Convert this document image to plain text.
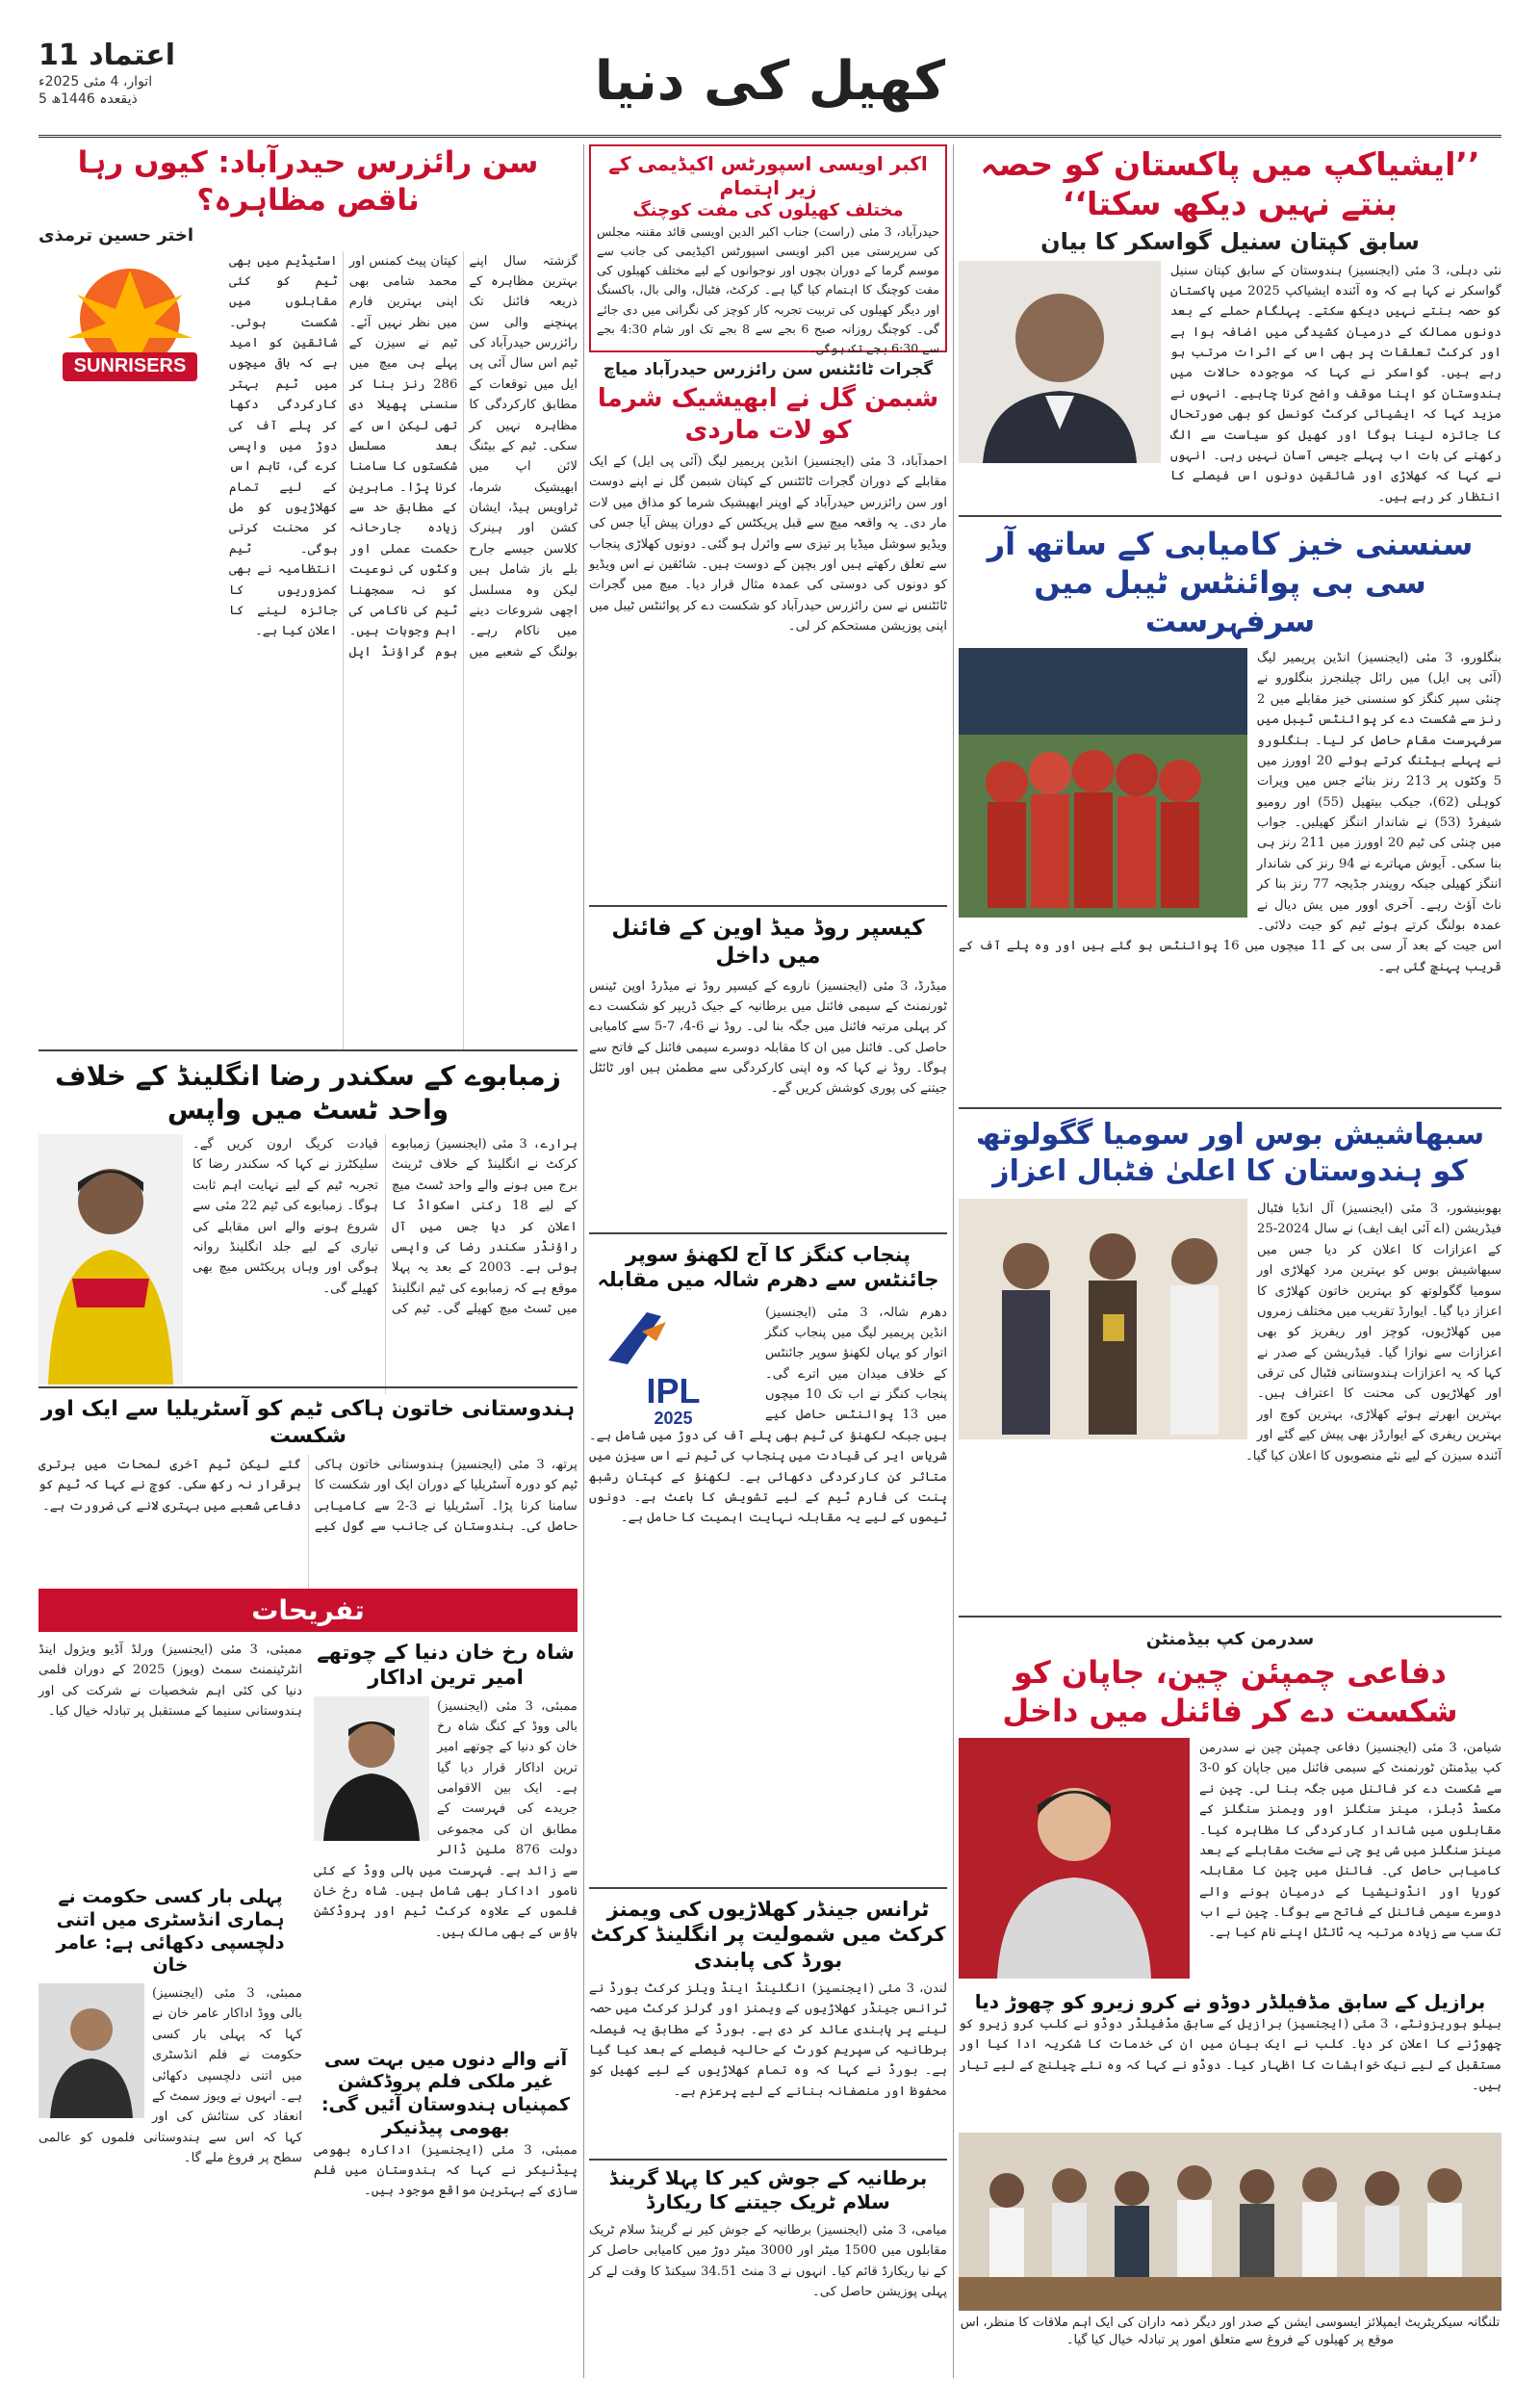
اعتماد 11
اتوار، 4 مئی 2025ء
5 ذیقعدہ 1446ھ	کھیل کی دنیا
’’ایشیاکپ میں پاکستان کو حصہ بنتے نہیں دیکھ سکتا‘‘
سابق کپتان سنیل گواسکر کا بیان
نئی دہلی، 3 مئی (ایجنسیز) ہندوستان کے سابق کپتان سنیل گواسکر نے کہا ہے کہ وہ آئندہ ایشیاکپ 2025 میں پاکستان کو حصہ بنتے نہیں دیکھ سکتے۔ پہلگام حملے کے بعد دونوں ممالک کے درمیان کشیدگی میں اضافہ ہوا ہے اور کرکٹ تعلقات پر بھی اس کے اثرات مرتب ہو رہے ہیں۔ گواسکر نے کہا کہ موجودہ حالات میں ہندوستان کو اپنا موقف واضح کرنا چاہیے۔ انہوں نے مزید کہا کہ ایشیائی کرکٹ کونسل کو بھی صورتحال کا جائزہ لینا ہوگا اور کھیل کو سیاست سے الگ رکھنے کی بات اب پہلے جیسی آسان نہیں رہی۔ انہوں نے کہا کہ کھلاڑی اور شائقین دونوں اس فیصلے کا انتظار کر رہے ہیں۔
سنسنی خیز کامیابی کے ساتھ آر سی بی پوائنٹس ٹیبل میں سرفہرست
بنگلورو، 3 مئی (ایجنسیز) انڈین پریمیر لیگ (آئی پی ایل) میں رائل چیلنجرز بنگلورو نے چنئی سپر کنگز کو سنسنی خیز مقابلے میں 2 رنز سے شکست دے کر پوائنٹس ٹیبل میں سرفہرست مقام حاصل کر لیا۔ بنگلورو نے پہلے بیٹنگ کرتے ہوئے 20 اوورز میں 5 وکٹوں پر 213 رنز بنائے جس میں ویرات کوہلی (62)، جیکب بیتھیل (55) اور رومیو شیفرڈ (53) نے شاندار اننگز کھیلیں۔ جواب میں چنئی کی ٹیم 20 اوورز میں 211 رنز ہی بنا سکی۔ آیوش مہاترے نے 94 رنز کی شاندار اننگز کھیلی جبکہ رویندر جڈیجہ 77 رنز بنا کر ناٹ آؤٹ رہے۔ آخری اوور میں یش دیال نے عمدہ بولنگ کرتے ہوئے ٹیم کو جیت دلائی۔ اس جیت کے بعد آر سی بی کے 11 میچوں میں 16 پوائنٹس ہو گئے ہیں اور وہ پلے آف کے قریب پہنچ گئی ہے۔
سبھاشیش بوس اور سومیا گگولوتھ کو ہندوستان کا اعلیٰ فٹبال اعزاز
بھوبنیشور، 3 مئی (ایجنسیز) آل انڈیا فٹبال فیڈریشن (اے آئی ایف ایف) نے سال 2024-25 کے اعزازات کا اعلان کر دیا جس میں سبھاشیش بوس کو بہترین مرد کھلاڑی اور سومیا گگولوتھ کو بہترین خاتون کھلاڑی کا اعزاز دیا گیا۔ ایوارڈ تقریب میں مختلف زمروں میں کھلاڑیوں، کوچز اور ریفریز کو بھی اعزازات سے نوازا گیا۔ فیڈریشن کے صدر نے کہا کہ یہ اعزازات ہندوستانی فٹبال کی ترقی اور کھلاڑیوں کی محنت کا اعتراف ہیں۔ بہترین ابھرتے ہوئے کھلاڑی، بہترین کوچ اور بہترین ریفری کے ایوارڈز بھی پیش کیے گئے اور آئندہ سیزن کے لیے نئے منصوبوں کا اعلان کیا گیا۔
سدرمن کپ بیڈمنٹن
دفاعی چمپئن چین، جاپان کو شکست دے کر فائنل میں داخل
شیامن، 3 مئی (ایجنسیز) دفاعی چمپئن چین نے سدرمن کپ بیڈمنٹن ٹورنمنٹ کے سیمی فائنل میں جاپان کو 0-3 سے شکست دے کر فائنل میں جگہ بنا لی۔ چین نے مکسڈ ڈبلز، مینز سنگلز اور ویمنز سنگلز کے مقابلوں میں شاندار کارکردگی کا مظاہرہ کیا۔ مینز سنگلز میں شی یو چی نے سخت مقابلے کے بعد کامیابی حاصل کی۔ فائنل میں چین کا مقابلہ کوریا اور انڈونیشیا کے درمیان ہونے والے دوسرے سیمی فائنل کے فاتح سے ہوگا۔ چین نے اب تک سب سے زیادہ مرتبہ یہ ٹائٹل اپنے نام کیا ہے۔
برازیل کے سابق مڈفیلڈر دوڈو نے کرو زیرو کو چھوڑ دیا
بیلو ہوریزونٹے، 3 مئی (ایجنسیز) برازیل کے سابق مڈفیلڈر دوڈو نے کلب کرو زیرو کو چھوڑنے کا اعلان کر دیا۔ کلب نے ایک بیان میں ان کی خدمات کا شکریہ ادا کیا اور مستقبل کے لیے نیک خواہشات کا اظہار کیا۔ دوڈو نے کہا کہ وہ نئے چیلنج کے لیے تیار ہیں۔
تلنگانہ سیکریٹریٹ ایمپلائز ایسوسی ایشن کے صدر اور دیگر ذمہ داران کی ایک اہم ملاقات کا منظر، اس موقع پر کھیلوں کے فروغ سے متعلق امور پر تبادلہ خیال کیا گیا۔
اکبر اویسی اسپورٹس اکیڈیمی کے زیر اہتمام
مختلف کھیلوں کی مفت کوچنگ
حیدرآباد، 3 مئی (راست) جناب اکبر الدین اویسی قائد مقننہ مجلس کی سرپرستی میں اکبر اویسی اسپورٹس اکیڈیمی کی جانب سے موسم گرما کے دوران بچوں اور نوجوانوں کے لیے مختلف کھیلوں کی مفت کوچنگ کا اہتمام کیا گیا ہے۔ کرکٹ، فٹبال، والی بال، باکسنگ اور دیگر کھیلوں کی تربیت تجربہ کار کوچز کی نگرانی میں دی جائے گی۔ کوچنگ روزانہ صبح 6 بجے سے 8 بجے تک اور شام 4:30 بجے سے 6:30 بجے تک ہوگی۔
گجرات ٹائٹنس سن رائزرس حیدرآباد میاچ
شبمن گل نے ابھیشیک شرما کو لات ماردی
احمدآباد، 3 مئی (ایجنسیز) انڈین پریمیر لیگ (آئی پی ایل) کے ایک مقابلے کے دوران گجرات ٹائٹنس کے کپتان شبمن گل نے اپنے دوست اور سن رائزرس حیدرآباد کے اوپنر ابھیشیک شرما کو مذاق میں لات مار دی۔ یہ واقعہ میچ سے قبل پریکٹس کے دوران پیش آیا جس کی ویڈیو سوشل میڈیا پر تیزی سے وائرل ہو گئی۔ دونوں کھلاڑی پنجاب سے تعلق رکھتے ہیں اور بچپن کے دوست ہیں۔ شائقین نے اس ویڈیو کو دونوں کی دوستی کی عمدہ مثال قرار دیا۔ میچ میں گجرات ٹائٹنس نے سن رائزرس حیدرآباد کو شکست دے کر پوائنٹس ٹیبل میں اپنی پوزیشن مستحکم کر لی۔
کیسپر روڈ میڈ اوین کے فائنل میں داخل
میڈرڈ، 3 مئی (ایجنسیز) ناروے کے کیسپر روڈ نے میڈرڈ اوپن ٹینس ٹورنمنٹ کے سیمی فائنل میں برطانیہ کے جیک ڈریپر کو شکست دے کر پہلی مرتبہ فائنل میں جگہ بنا لی۔ روڈ نے 6-4، 7-5 سے کامیابی حاصل کی۔ فائنل میں ان کا مقابلہ دوسرے سیمی فائنل کے فاتح سے ہوگا۔ روڈ نے کہا کہ وہ اپنی کارکردگی سے مطمئن ہیں اور ٹائٹل جیتنے کی پوری کوشش کریں گے۔
پنجاب کنگز کا آج لکھنؤ سوپر جائنٹس سے دھرم شالہ میں مقابلہ
IPL
2025
دھرم شالہ، 3 مئی (ایجنسیز) انڈین پریمیر لیگ میں پنجاب کنگز اتوار کو یہاں لکھنؤ سوپر جائنٹس کے خلاف میدان میں اترے گی۔ پنجاب کنگز نے اب تک 10 میچوں میں 13 پوائنٹس حاصل کیے ہیں جبکہ لکھنؤ کی ٹیم بھی پلے آف کی دوڑ میں شامل ہے۔ شریاس ایر کی قیادت میں پنجاب کی ٹیم نے اس سیزن میں متاثر کن کارکردگی دکھائی ہے۔ لکھنؤ کے کپتان رشبھ پنت کی فارم ٹیم کے لیے تشویش کا باعث ہے۔ دونوں ٹیموں کے لیے یہ مقابلہ نہایت اہمیت کا حامل ہے۔
ٹرانس جینڈر کھلاڑیوں کی ویمنز کرکٹ میں شمولیت پر انگلینڈ کرکٹ بورڈ کی پابندی
لندن، 3 مئی (ایجنسیز) انگلینڈ اینڈ ویلز کرکٹ بورڈ نے ٹرانس جینڈر کھلاڑیوں کے ویمنز اور گرلز کرکٹ میں حصہ لینے پر پابندی عائد کر دی ہے۔ بورڈ کے مطابق یہ فیصلہ برطانیہ کی سپریم کورٹ کے حالیہ فیصلے کے بعد کیا گیا ہے۔ بورڈ نے کہا کہ وہ تمام کھلاڑیوں کے لیے کھیل کو محفوظ اور منصفانہ بنانے کے لیے پرعزم ہے۔
برطانیہ کے جوش کیر کا پہلا گرینڈ سلام ٹریک جیتنے کا ریکارڈ
میامی، 3 مئی (ایجنسیز) برطانیہ کے جوش کیر نے گرینڈ سلام ٹریک مقابلوں میں 1500 میٹر اور 3000 میٹر دوڑ میں کامیابی حاصل کر کے نیا ریکارڈ قائم کیا۔ انہوں نے 3 منٹ 34.51 سیکنڈ کا وقت لے کر پہلی پوزیشن حاصل کی۔
سن رائزرس حیدرآباد: کیوں رہا ناقص مظاہرہ؟
اختر حسین ترمذی
SUNRISERS
گزشتہ سال اپنے بہترین مظاہرہ کے ذریعہ فائنل تک پہنچنے والی سن رائزرس حیدرآباد کی ٹیم اس سال آئی پی ایل میں توقعات کے مطابق کارکردگی کا مظاہرہ نہیں کر سکی۔ ٹیم کے بیٹنگ لائن اپ میں ابھیشیک شرما، ٹراویس ہیڈ، ایشان کشن اور ہینرک کلاسن جیسے جارح بلے باز شامل ہیں لیکن وہ مسلسل اچھی شروعات دینے میں ناکام رہے۔ بولنگ کے شعبے میں کپتان پیٹ کمنس اور محمد شامی بھی اپنی بہترین فارم میں نظر نہیں آئے۔ ٹیم نے سیزن کے پہلے ہی میچ میں 286 رنز بنا کر سنسنی پھیلا دی تھی لیکن اس کے بعد مسلسل شکستوں کا سامنا کرنا پڑا۔ ماہرین کے مطابق حد سے زیادہ جارحانہ حکمت عملی اور وکٹوں کی نوعیت کو نہ سمجھنا ٹیم کی ناکامی کی اہم وجوہات ہیں۔ ہوم گراؤنڈ اپل اسٹیڈیم میں بھی ٹیم کو کئی مقابلوں میں شکست ہوئی۔ شائقین کو امید ہے کہ باقی میچوں میں ٹیم بہتر کارکردگی دکھا کر پلے آف کی دوڑ میں واپسی کرے گی، تاہم اس کے لیے تمام کھلاڑیوں کو مل کر محنت کرنی ہوگی۔ ٹیم انتظامیہ نے بھی کمزوریوں کا جائزہ لینے کا اعلان کیا ہے۔
زمبابوے کے سکندر رضا انگلینڈ کے خلاف واحد ٹسٹ میں واپس
ہرارے، 3 مئی (ایجنسیز) زمبابوے کرکٹ نے انگلینڈ کے خلاف ٹرینٹ برج میں ہونے والے واحد ٹسٹ میچ کے لیے 18 رکنی اسکواڈ کا اعلان کر دیا جس میں آل راؤنڈر سکندر رضا کی واپسی ہوئی ہے۔ 2003 کے بعد یہ پہلا موقع ہے کہ زمبابوے کی ٹیم انگلینڈ میں ٹسٹ میچ کھیلے گی۔ ٹیم کی قیادت کریگ ارون کریں گے۔ سلیکٹرز نے کہا کہ سکندر رضا کا تجربہ ٹیم کے لیے نہایت اہم ثابت ہوگا۔ زمبابوے کی ٹیم 22 مئی سے شروع ہونے والے اس مقابلے کی تیاری کے لیے جلد انگلینڈ روانہ ہوگی اور وہاں پریکٹس میچ بھی کھیلے گی۔
ہندوستانی خاتون ہاکی ٹیم کو آسٹریلیا سے ایک اور شکست
پرتھ، 3 مئی (ایجنسیز) ہندوستانی خاتون ہاکی ٹیم کو دورہ آسٹریلیا کے دوران ایک اور شکست کا سامنا کرنا پڑا۔ آسٹریلیا نے 3-2 سے کامیابی حاصل کی۔ ہندوستان کی جانب سے گول کیے گئے لیکن ٹیم آخری لمحات میں برتری برقرار نہ رکھ سکی۔ کوچ نے کہا کہ ٹیم کو دفاعی شعبے میں بہتری لانے کی ضرورت ہے۔
تفریحات
شاہ رخ خان دنیا کے چوتھے امیر ترین اداکار
ممبئی، 3 مئی (ایجنسیز) بالی ووڈ کے کنگ شاہ رخ خان کو دنیا کے چوتھے امیر ترین اداکار قرار دیا گیا ہے۔ ایک بین الاقوامی جریدے کی فہرست کے مطابق ان کی مجموعی دولت 876 ملین ڈالر سے زائد ہے۔ فہرست میں ہالی ووڈ کے کئی نامور اداکار بھی شامل ہیں۔ شاہ رخ خان فلموں کے علاوہ کرکٹ ٹیم اور پروڈکشن ہاؤس کے بھی مالک ہیں۔
آنے والے دنوں میں بہت سی غیر ملکی فلم پروڈکشن کمپنیاں ہندوستان آئیں گی: بھومی پیڈنیکر
ممبئی، 3 مئی (ایجنسیز) اداکارہ بھومی پیڈنیکر نے کہا کہ ہندوستان میں فلم سازی کے بہترین مواقع موجود ہیں۔
ممبئی، 3 مئی (ایجنسیز) ورلڈ آڈیو ویژول اینڈ انٹرٹینمنٹ سمٹ (ویوز) 2025 کے دوران فلمی دنیا کی کئی اہم شخصیات نے شرکت کی اور ہندوستانی سنیما کے مستقبل پر تبادلہ خیال کیا۔
پہلی بار کسی حکومت نے ہماری انڈسٹری میں اتنی دلچسپی دکھائی ہے: عامر خان
ممبئی، 3 مئی (ایجنسیز) بالی ووڈ اداکار عامر خان نے کہا کہ پہلی بار کسی حکومت نے فلم انڈسٹری میں اتنی دلچسپی دکھائی ہے۔ انہوں نے ویوز سمٹ کے انعقاد کی ستائش کی اور کہا کہ اس سے ہندوستانی فلموں کو عالمی سطح پر فروغ ملے گا۔
